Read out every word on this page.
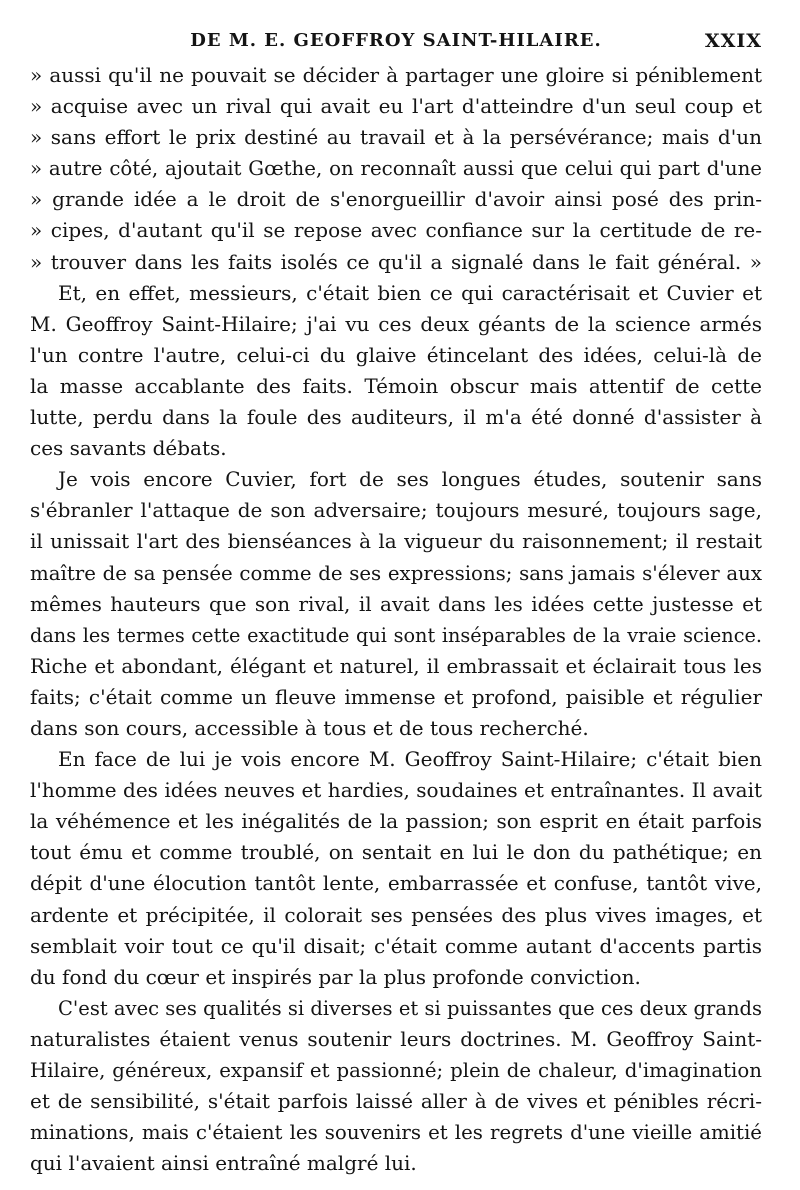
DE M. E. GEOFFROY SAINT-HILAIRE.	XXIX
» aussi qu'il ne pouvait se décider à partager une gloire si péniblement
» acquise avec un rival qui avait eu l'art d'atteindre d'un seul coup et
» sans effort le prix destiné au travail et à la persévérance; mais d'un
» autre côté, ajoutait Gœthe, on reconnaît aussi que celui qui part d'une
» grande idée a le droit de s'enorgueillir d'avoir ainsi posé des prin-
» cipes, d'autant qu'il se repose avec confiance sur la certitude de re-
» trouver dans les faits isolés ce qu'il a signalé dans le fait général. »
Et, en effet, messieurs, c'était bien ce qui caractérisait et Cuvier et
M. Geoffroy Saint-Hilaire; j'ai vu ces deux géants de la science armés
l'un contre l'autre, celui-ci du glaive étincelant des idées, celui-là de
la masse accablante des faits. Témoin obscur mais attentif de cette
lutte, perdu dans la foule des auditeurs, il m'a été donné d'assister à
ces savants débats.
Je vois encore Cuvier, fort de ses longues études, soutenir sans
s'ébranler l'attaque de son adversaire; toujours mesuré, toujours sage,
il unissait l'art des bienséances à la vigueur du raisonnement; il restait
maître de sa pensée comme de ses expressions; sans jamais s'élever aux
mêmes hauteurs que son rival, il avait dans les idées cette justesse et
dans les termes cette exactitude qui sont inséparables de la vraie science.
Riche et abondant, élégant et naturel, il embrassait et éclairait tous les
faits; c'était comme un fleuve immense et profond, paisible et régulier
dans son cours, accessible à tous et de tous recherché.
En face de lui je vois encore M. Geoffroy Saint-Hilaire; c'était bien
l'homme des idées neuves et hardies, soudaines et entraînantes. Il avait
la véhémence et les inégalités de la passion; son esprit en était parfois
tout ému et comme troublé, on sentait en lui le don du pathétique; en
dépit d'une élocution tantôt lente, embarrassée et confuse, tantôt vive,
ardente et précipitée, il colorait ses pensées des plus vives images, et
semblait voir tout ce qu'il disait; c'était comme autant d'accents partis
du fond du cœur et inspirés par la plus profonde conviction.
C'est avec ses qualités si diverses et si puissantes que ces deux grands
naturalistes étaient venus soutenir leurs doctrines. M. Geoffroy Saint-
Hilaire, généreux, expansif et passionné; plein de chaleur, d'imagination
et de sensibilité, s'était parfois laissé aller à de vives et pénibles récri-
minations, mais c'étaient les souvenirs et les regrets d'une vieille amitié
qui l'avaient ainsi entraîné malgré lui.
